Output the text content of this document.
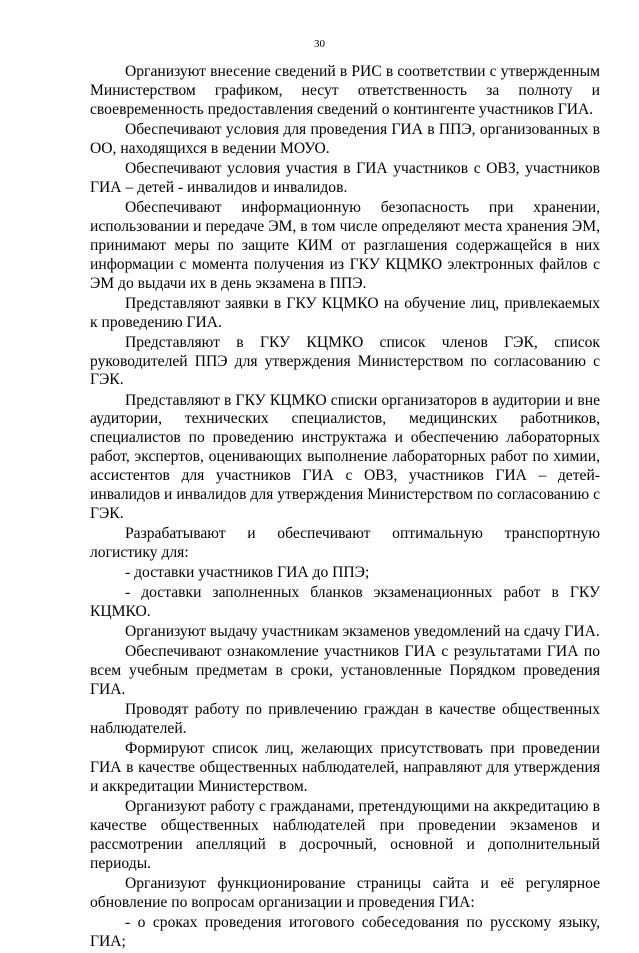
30

Организуют внесение сведений в РИС в соответствии с утвержденным Министерством графиком, несут ответственность за полноту и своевременность предоставления сведений о контингенте участников ГИА.

Обеспечивают условия для проведения ГИА в ППЭ, организованных в ОО, находящихся в ведении МОУО.

Обеспечивают условия участия в ГИА участников с ОВЗ, участников ГИА – детей - инвалидов и инвалидов.

Обеспечивают информационную безопасность при хранении, использовании и передаче ЭМ, в том числе определяют места хранения ЭМ, принимают меры по защите КИМ от разглашения содержащейся в них информации с момента получения из ГКУ КЦМКО электронных файлов с ЭМ до выдачи их в день экзамена в ППЭ.

Представляют заявки в ГКУ КЦМКО на обучение лиц, привлекаемых к проведению ГИА.

Представляют в ГКУ КЦМКО список членов ГЭК, список руководителей ППЭ для утверждения Министерством по согласованию с ГЭК.

Представляют в ГКУ КЦМКО списки организаторов в аудитории и вне аудитории, технических специалистов, медицинских работников, специалистов по проведению инструктажа и обеспечению лабораторных работ, экспертов, оценивающих выполнение лабораторных работ по химии, ассистентов для участников ГИА с ОВЗ, участников ГИА – детей-инвалидов и инвалидов для утверждения Министерством по согласованию с ГЭК.

Разрабатывают и обеспечивают оптимальную транспортную логистику для:

- доставки участников ГИА до ППЭ;

- доставки заполненных бланков экзаменационных работ в ГКУ КЦМКО.

Организуют выдачу участникам экзаменов уведомлений на сдачу ГИА.

Обеспечивают ознакомление участников ГИА с результатами ГИА по всем учебным предметам в сроки, установленные Порядком проведения ГИА.

Проводят работу по привлечению граждан в качестве общественных наблюдателей.

Формируют список лиц, желающих присутствовать при проведении ГИА в качестве общественных наблюдателей, направляют для утверждения и аккредитации Министерством.

Организуют работу с гражданами, претендующими на аккредитацию в качестве общественных наблюдателей при проведении экзаменов и рассмотрении апелляций в досрочный, основной и дополнительный периоды.

Организуют функционирование страницы сайта и её регулярное обновление по вопросам организации и проведения ГИА:

- о сроках проведения итогового собеседования по русскому языку, ГИА;
